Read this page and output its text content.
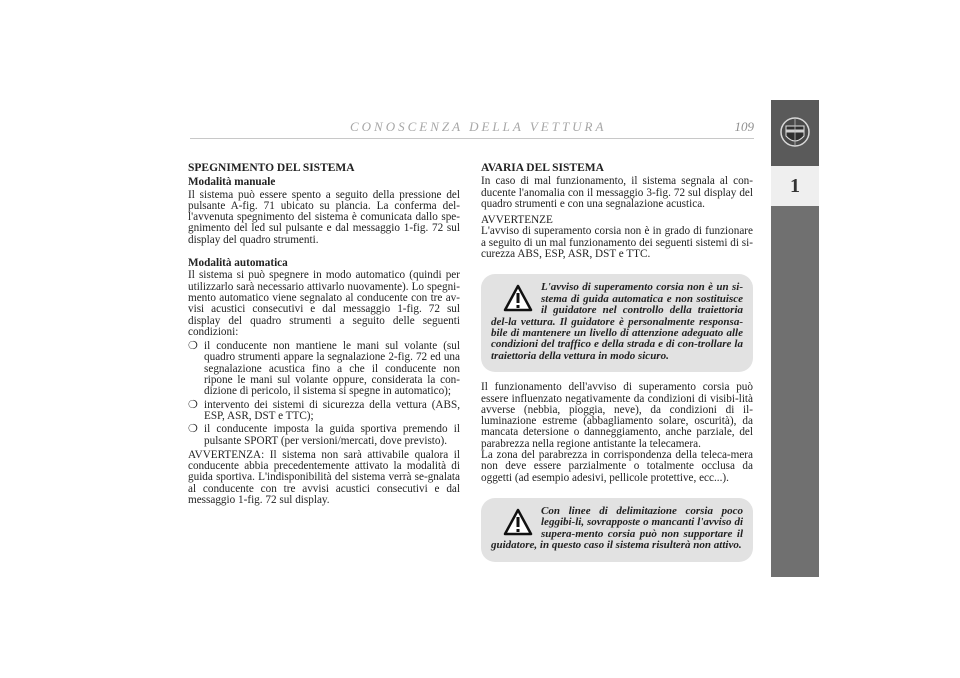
CONOSCENZA DELLA VETTURA	109
1
SPEGNIMENTO DEL SISTEMA
Modalità manuale

Il sistema può essere spento a seguito della pressione del pulsante A-fig. 71 ubicato su plancia. La conferma del-l'avvenuta spegnimento del sistema è comunicata dallo spe-gnimento del led sul pulsante e dal messaggio 1-fig. 72 sul display del quadro strumenti.

Modalità automatica

Il sistema si può spegnere in modo automatico (quindi per utilizzarlo sarà necessario attivarlo nuovamente). Lo spegni-mento automatico viene segnalato al conducente con tre av-visi acustici consecutivi e dal messaggio 1-fig. 72 sul display del quadro strumenti a seguito delle seguenti condizioni:

❍ il conducente non mantiene le mani sul volante (sul quadro strumenti appare la segnalazione 2-fig. 72 ed una segnalazione acustica fino a che il conducente non ripone le mani sul volante oppure, considerata la con-dizione di pericolo, il sistema si spegne in automatico);
❍ intervento dei sistemi di sicurezza della vettura (ABS, ESP, ASR, DST e TTC);
❍ il conducente imposta la guida sportiva premendo il pulsante SPORT (per versioni/mercati, dove previsto).

AVVERTENZA: Il sistema non sarà attivabile qualora il conducente abbia precedentemente attivato la modalità di guida sportiva. L'indisponibilità del sistema verrà se-gnalata al conducente con tre avvisi acustici consecutivi e dal messaggio 1-fig. 72 sul display.

AVARIA DEL SISTEMA

In caso di mal funzionamento, il sistema segnala al con-ducente l'anomalia con il messaggio 3-fig. 72 sul display del quadro strumenti e con una segnalazione acustica.

AVVERTENZE

L'avviso di superamento corsia non è in grado di funzionare a seguito di un mal funzionamento dei seguenti sistemi di si-curezza ABS, ESP, ASR, DST e TTC.

L'avviso di superamento corsia non è un si-stema di guida automatica e non sostituisce il guidatore nel controllo della traiettoria del-la vettura. Il guidatore è personalmente responsa-bile di mantenere un livello di attenzione adeguato alle condizioni del traffico e della strada e di con-trollare la traiettoria della vettura in modo sicuro.

Il funzionamento dell'avviso di superamento corsia può essere influenzato negativamente da condizioni di visibi-lità avverse (nebbia, pioggia, neve), da condizioni di il-luminazione estreme (abbagliamento solare, oscurità), da mancata detersione o danneggiamento, anche parziale, del parabrezza nella regione antistante la telecamera.

La zona del parabrezza in corrispondenza della teleca-mera non deve essere parzialmente o totalmente occlusa da oggetti (ad esempio adesivi, pellicole protettive, ecc...).

Con linee di delimitazione corsia poco leggibi-li, sovrapposte o mancanti l'avviso di supera-mento corsia può non supportare il guidatore, in questo caso il sistema risulterà non attivo.
